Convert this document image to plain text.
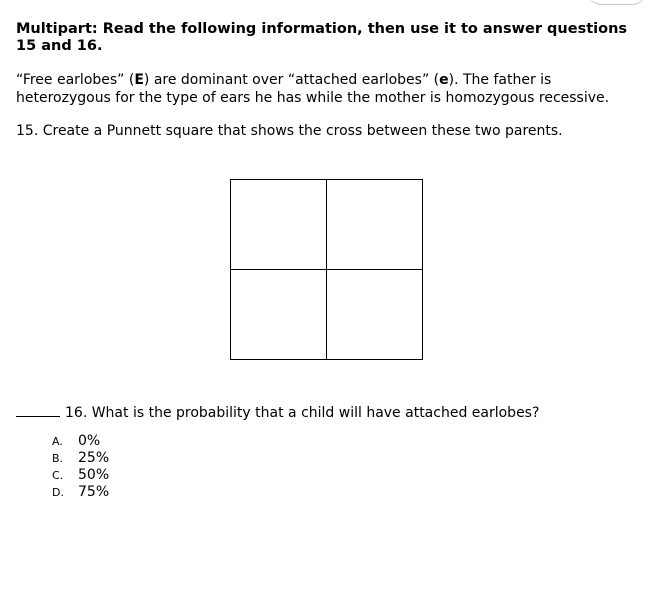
Multipart: Read the following information, then use it to answer questions 15 and 16.

“Free earlobes” (E) are dominant over “attached earlobes” (e). The father is heterozygous for the type of ears he has while the mother is homozygous recessive.

15. Create a Punnett square that shows the cross between these two parents.

16. What is the probability that a child will have attached earlobes?

A. 0%
B. 25%
C. 50%
D. 75%
